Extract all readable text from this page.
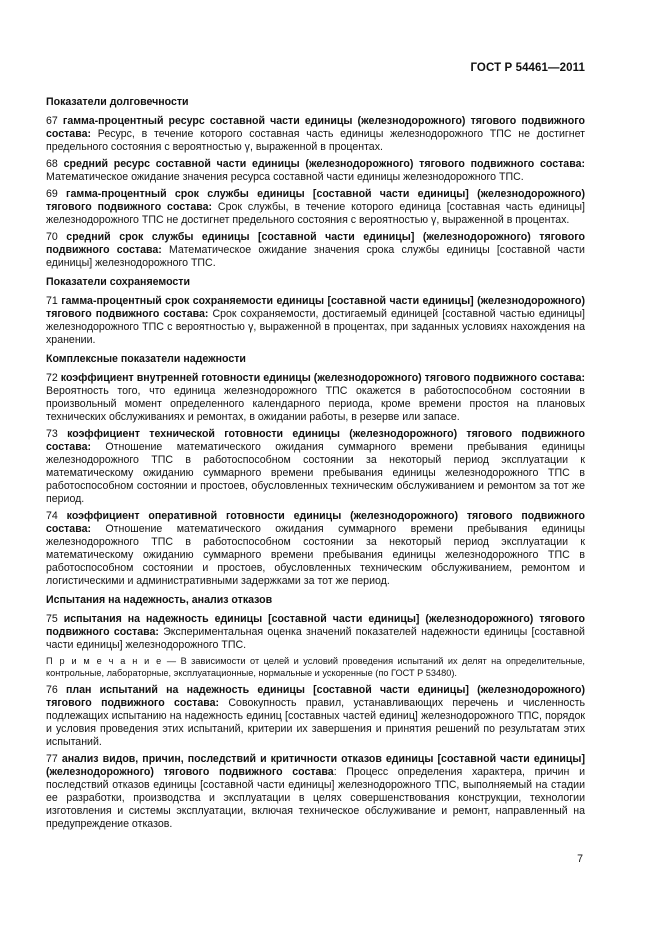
ГОСТ Р 54461—2011
Показатели долговечности

67 гамма-процентный ресурс составной части единицы (железнодорожного) тягового подвижного состава: Ресурс, в течение которого составная часть единицы железнодорожного ТПС не достигнет предельного состояния с вероятностью γ, выраженной в процентах.

68 средний ресурс составной части единицы (железнодорожного) тягового подвижного состава: Математическое ожидание значения ресурса составной части единицы железнодорожного ТПС.

69 гамма-процентный срок службы единицы [составной части единицы] (железнодорожного) тягового подвижного состава: Срок службы, в течение которого единица [составная часть единицы] железнодорожного ТПС не достигнет предельного состояния с вероятностью γ, выраженной в процентах.

70 средний срок службы единицы [составной части единицы] (железнодорожного) тягового подвижного состава: Математическое ожидание значения срока службы единицы [составной части единицы] железнодорожного ТПС.

Показатели сохраняемости

71 гамма-процентный срок сохраняемости единицы [составной части единицы] (железнодорожного) тягового подвижного состава: Срок сохраняемости, достигаемый единицей [составной частью единицы] железнодорожного ТПС с вероятностью γ, выраженной в процентах, при заданных условиях нахождения на хранении.

Комплексные показатели надежности

72 коэффициент внутренней готовности единицы (железнодорожного) тягового подвижного состава: Вероятность того, что единица железнодорожного ТПС окажется в работоспособном состоянии в произвольный момент определенного календарного периода, кроме времени простоя на плановых технических обслуживаниях и ремонтах, в ожидании работы, в резерве или запасе.

73 коэффициент технической готовности единицы (железнодорожного) тягового подвижного состава: Отношение математического ожидания суммарного времени пребывания единицы железнодорожного ТПС в работоспособном состоянии за некоторый период эксплуатации к математическому ожиданию суммарного времени пребывания единицы железнодорожного ТПС в работоспособном состоянии и простоев, обусловленных техническим обслуживанием и ремонтом за тот же период.

74 коэффициент оперативной готовности единицы (железнодорожного) тягового подвижного состава: Отношение математического ожидания суммарного времени пребывания единицы железнодорожного ТПС в работоспособном состоянии за некоторый период эксплуатации к математическому ожиданию суммарного времени пребывания единицы железнодорожного ТПС в работоспособном состоянии и простоев, обусловленных техническим обслуживанием, ремонтом и логистическими и административными задержками за тот же период.

Испытания на надежность, анализ отказов

75 испытания на надежность единицы [составной части единицы] (железнодорожного) тягового подвижного состава: Экспериментальная оценка значений показателей надежности единицы [составной части единицы] железнодорожного ТПС.

П р и м е ч а н и е — В зависимости от целей и условий проведения испытаний их делят на определительные, контрольные, лабораторные, эксплуатационные, нормальные и ускоренные (по ГОСТ Р 53480).

76 план испытаний на надежность единицы [составной части единицы] (железнодорожного) тягового подвижного состава: Совокупность правил, устанавливающих перечень и численность подлежащих испытанию на надежность единиц [составных частей единиц] железнодорожного ТПС, порядок и условия проведения этих испытаний, критерии их завершения и принятия решений по результатам этих испытаний.

77 анализ видов, причин, последствий и критичности отказов единицы [составной части единицы] (железнодорожного) тягового подвижного состава: Процесс определения характера, причин и последствий отказов единицы [составной части единицы] железнодорожного ТПС, выполняемый на стадии ее разработки, производства и эксплуатации в целях совершенствования конструкции, технологии изготовления и системы эксплуатации, включая техническое обслуживание и ремонт, направленный на предупреждение отказов.

7
